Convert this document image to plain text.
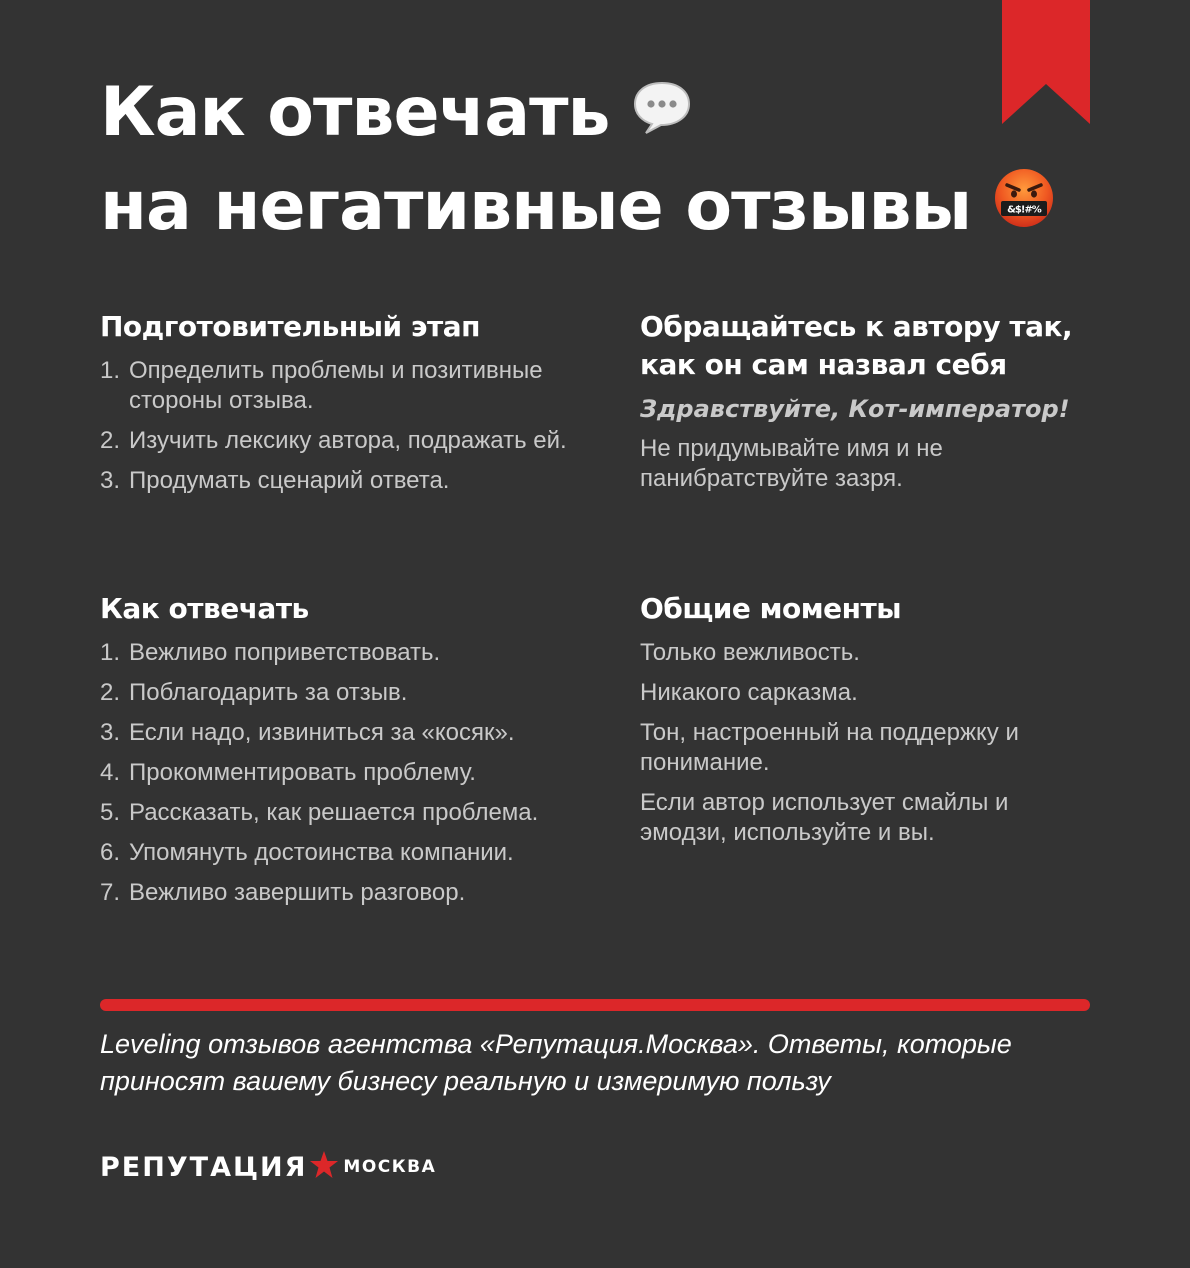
Как отвечать
на негативные отзывы	&$!#%
Подготовительный этап
1. Определить проблемы и позитивные стороны отзыва.
2. Изучить лексику автора, подражать ей.
3. Продумать сценарий ответа.
Обращайтесь к автору так, как он сам назвал себя

Здравствуйте, Кот-император!

Не придумывайте имя и не панибратствуйте зазря.

Как отвечать
1. Вежливо поприветствовать.
2. Поблагодарить за отзыв.
3. Если надо, извиниться за «косяк».
4. Прокомментировать проблему.
5. Рассказать, как решается проблема.
6. Упомянуть достоинства компании.
7. Вежливо завершить разговор.
Общие моменты

Только вежливость.

Никакого сарказма.

Тон, настроенный на поддержку и понимание.

Если автор использует смайлы и эмодзи, используйте и вы.

Leveling отзывов агентства «Репутация.Москва». Ответы, которые приносят вашему бизнесу реальную и измеримую пользу

РЕПУТАЦИЯ МОСКВА
